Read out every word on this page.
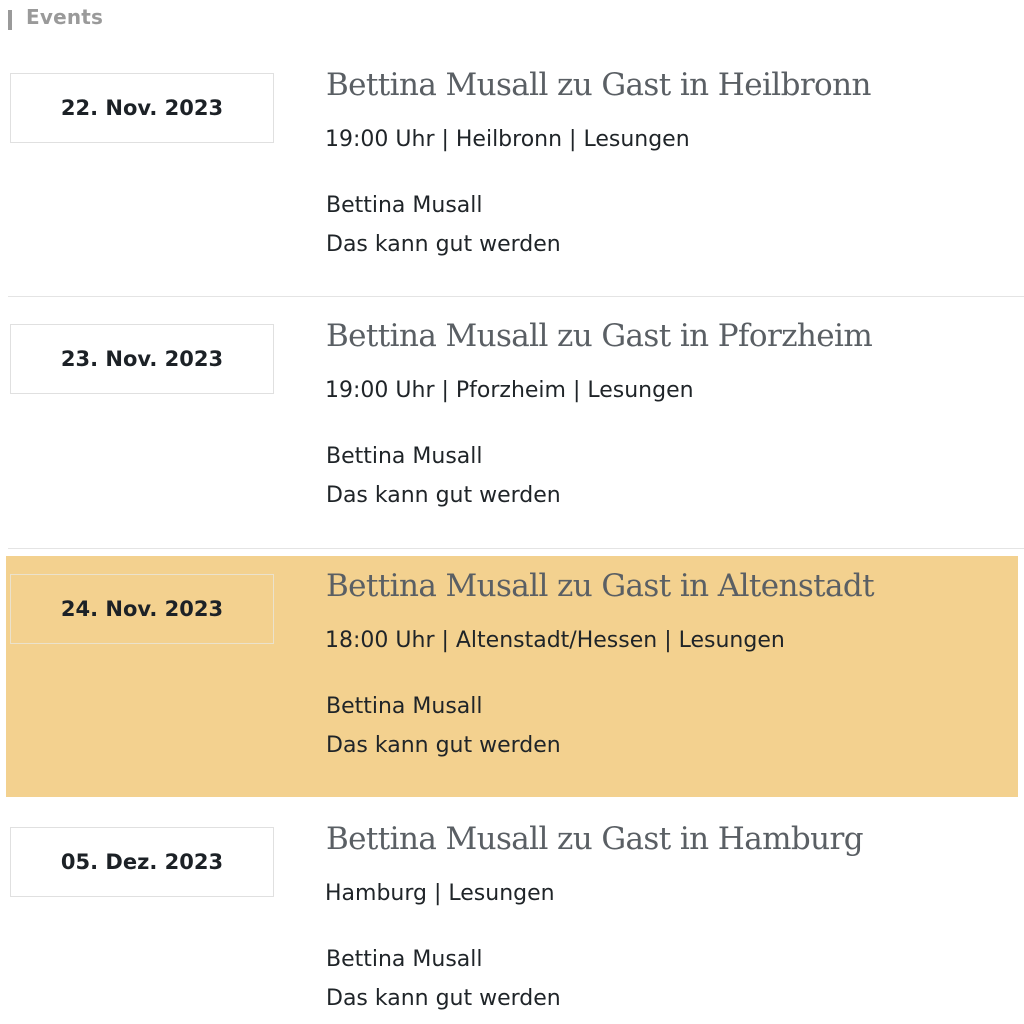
Events
22. Nov. 2023
Bettina Musall zu Gast in Heilbronn
19:00 Uhr | Heilbronn | Lesungen
Bettina Musall
Das kann gut werden
23. Nov. 2023
Bettina Musall zu Gast in Pforzheim
19:00 Uhr | Pforzheim | Lesungen
Bettina Musall
Das kann gut werden
24. Nov. 2023
Bettina Musall zu Gast in Altenstadt
18:00 Uhr | Altenstadt/Hessen | Lesungen
Bettina Musall
Das kann gut werden
05. Dez. 2023
Bettina Musall zu Gast in Hamburg
Hamburg | Lesungen
Bettina Musall
Das kann gut werden
